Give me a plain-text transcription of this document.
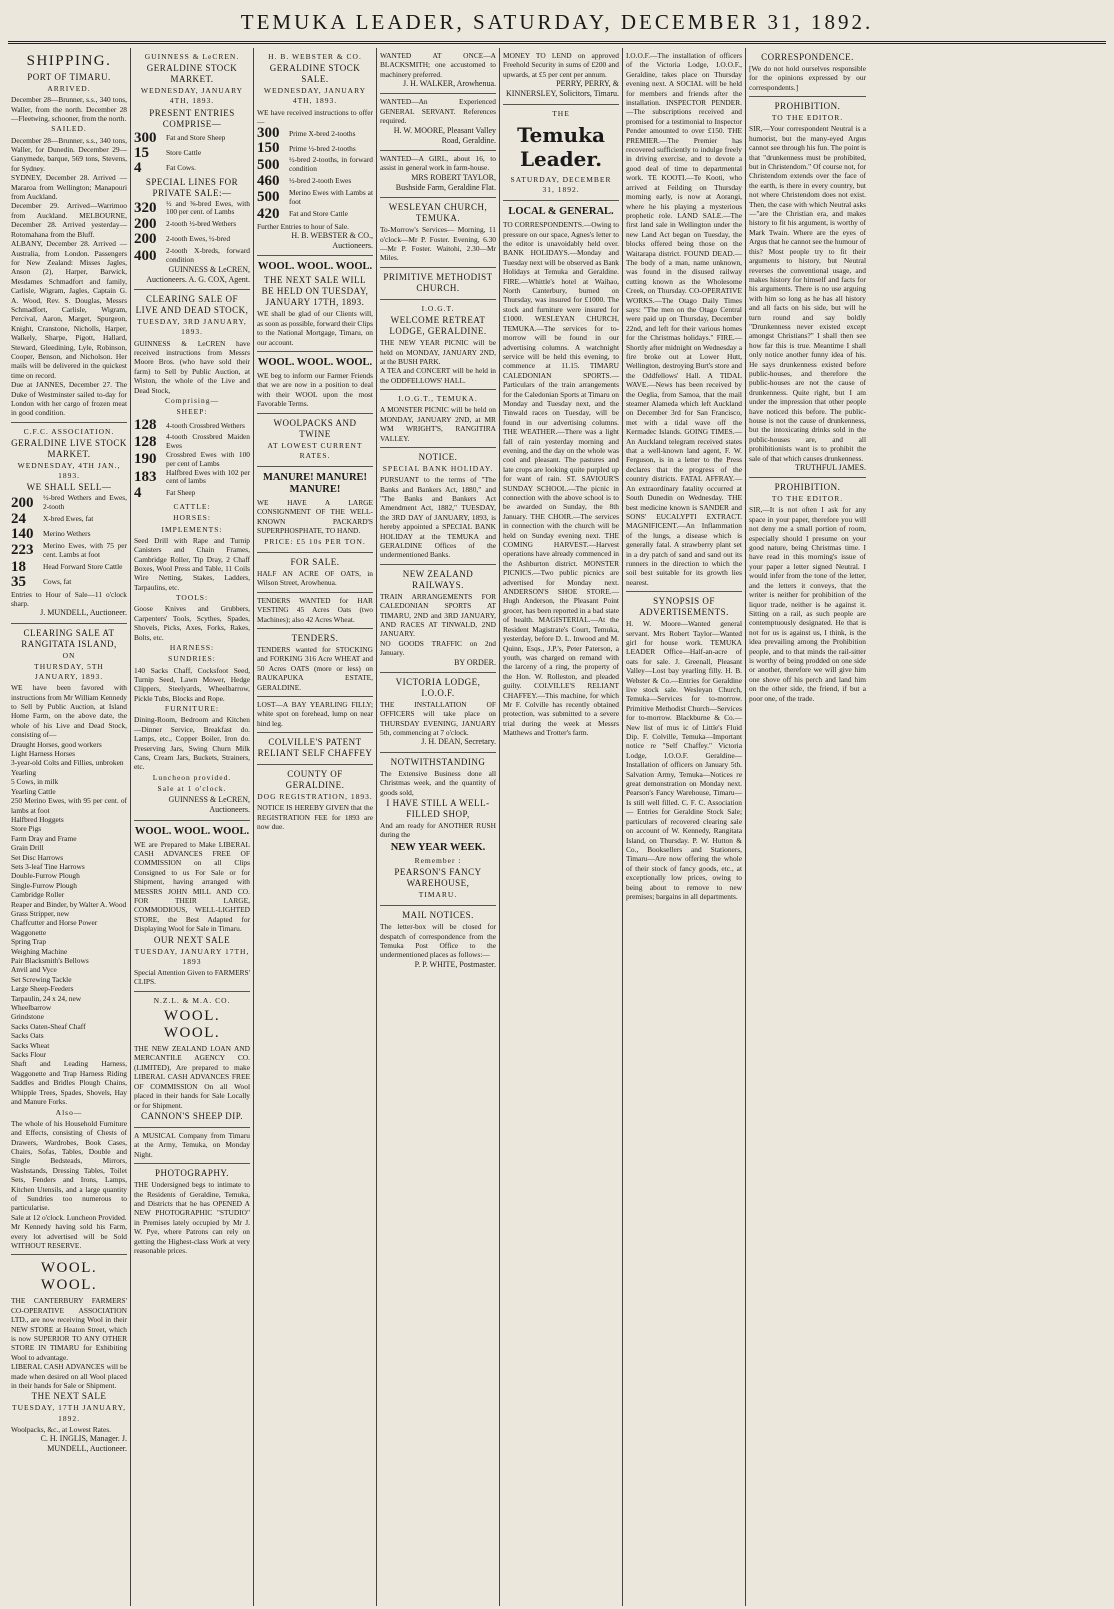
TEMUKA LEADER, SATURDAY, DECEMBER 31, 1892.
SHIPPING.
PORT OF TIMARU.
ARRIVED.

December 28—Brunner, s.s., 340 tons, Waller, from the north. December 28—Fleetwing, schooner, from the north.

SAILED.

December 28—Brunner, s.s., 340 tons, Waller, for Dunedin. December 29—Ganymede, barque, 569 tons, Stevens, for Sydney.

SYDNEY, December 28. Arrived — Mararoa from Wellington; Manapouri from Auckland.

December 29. Arrived—Warrimoo from Auckland. MELBOURNE, December 28. Arrived yesterday—Rotomahana from the Bluff.

ALBANY, December 28. Arrived — Australia, from London. Passengers for New Zealand: Misses Jagles, Anson (2), Harper, Barwick, Mesdames Schmadfort and family, Carlisle, Wigram, Jagles, Captain G. A. Wood, Rev. S. Douglas, Messrs Schmadfort, Carlisle, Wigram, Percival, Aaron, Marget, Spurgeon, Knight, Cranstone, Nicholls, Harper, Walkely, Sharpe, Pigott, Hallard, Steward, Gleedining, Lyle, Robinson, Cooper, Benson, and Nicholson. Her mails will be delivered in the quickest time on record.

Due at JANNES, December 27. The Duke of Westminster sailed to-day for London with her cargo of frozen meat in good condition.

C.F.C. ASSOCIATION.
GERALDINE LIVE STOCK MARKET.
WEDNESDAY, 4TH JAN., 1893.
WE SHALL SELL—
200	½-bred Wethers and Ewes, 2-tooth
24	X-bred Ewes, fat
140	Merino Wethers
223	Merino Ewes, with 75 per cent. Lambs at foot
18	Head Forward Store Cattle
35	Cows, fat

Entries to Hour of Sale—11 o'clock sharp.

J. MUNDELL, Auctioneer.
CLEARING SALE AT RANGITATA ISLAND,
ON
THURSDAY, 5TH JANUARY, 1893.

WE have been favored with instructions from Mr William Kennedy to Sell by Public Auction, at Island Home Farm, on the above date, the whole of his Live and Dead Stock, consisting of—

Draught Horses, good workers
Light Harness Horses
3-year-old Colts and Fillies, unbroken
Yearling
5 Cows, in milk
Yearling Cattle
250 Merino Ewes, with 95 per cent. of lambs at foot
Halfbred Hoggets
Store Pigs
Farm Dray and Frame
Grain Drill
Set Disc Harrows
Sets 3-leaf Tine Harrows
Double-Furrow Plough
Single-Furrow Plough
Cambridge Roller
Reaper and Binder, by Walter A. Wood
Grass Stripper, new
Chaffcutter and Horse Power
Waggonette
Spring Trap
Weighing Machine
Pair Blacksmith's Bellows
Anvil and Vyce
Set Screwing Tackle
Large Sheep-Feeders
Tarpaulin, 24 x 24, new
Wheelbarrow
Grindstone
Sacks Oaten-Sheaf Chaff
Sacks Oats
Sacks Wheat
Sacks Flour

Shaft and Leading Harness, Waggonette and Trap Harness Riding Saddles and Bridles Plough Chains, Whipple Trees, Spades, Shovels, Hay and Manure Forks.

Also—

The whole of his Household Furniture and Effects, consisting of Chests of Drawers, Wardrobes, Book Cases, Chairs, Sofas, Tables, Double and Single Bedsteads, Mirrors, Washstands, Dressing Tables, Toilet Sets, Fenders and Irons, Lamps, Kitchen Utensils, and a large quantity of Sundries too numerous to particularise.

Sale at 12 o'clock. Luncheon Provided.

Mr Kennedy having sold his Farm, every lot advertised will be Sold WITHOUT RESERVE.

WOOL. WOOL.

THE CANTERBURY FARMERS' CO-OPERATIVE ASSOCIATION LTD., are now receiving Wool in their NEW STORE at Heaton Street, which is now SUPERIOR TO ANY OTHER STORE IN TIMARU for Exhibiting Wool to advantage.

LIBERAL CASH ADVANCES will be made when desired on all Wool placed in their hands for Sale or Shipment.

THE NEXT SALE
TUESDAY, 17TH JANUARY, 1892.

Woolpacks, &c., at Lowest Rates.

C. H. INGLIS, Manager. J. MUNDELL, Auctioneer.
GUINNESS & LeCREN.
GERALDINE STOCK MARKET.
WEDNESDAY, JANUARY 4TH, 1893.
PRESENT ENTRIES COMPRISE—
300	Fat and Store Sheep
15	Store Cattle
4	Fat Cows.
SPECIAL LINES FOR PRIVATE SALE:—
320	½ and ⅝-bred Ewes, with 100 per cent. of Lambs
200	2-tooth ½-bred Wethers
200	2-tooth Ewes, ½-bred
400	2-tooth X-breds, forward condition
GUINNESS & LeCREN, Auctioneers. A. G. COX, Agent.
CLEARING SALE OF LIVE AND DEAD STOCK,
TUESDAY, 3RD JANUARY, 1893.

GUINNESS & LeCREN have received instructions from Messrs Moore Bros. (who have sold their farm) to Sell by Public Auction, at Wiston, the whole of the Live and Dead Stock,

Comprising—
SHEEP:
128	4-tooth Crossbred Wethers
128	4-tooth Crossbred Maiden Ewes
190	Crossbred Ewes with 100 per cent of Lambs
183	Halfbred Ewes with 102 per cent of lambs
4	Fat Sheep
CATTLE:
HORSES:
IMPLEMENTS:

Seed Drill with Rape and Turnip Canisters and Chain Frames, Cambridge Roller, Tip Dray, 2 Chaff Boxes, Wool Press and Table, 11 Coils Wire Netting, Stakes, Ladders, Tarpaulins, etc.

TOOLS:

Goose Knives and Grubbers, Carpenters' Tools, Scythes, Spades, Shovels, Picks, Axes, Forks, Rakes, Bolts, etc.

HARNESS:
SUNDRIES:

140 Sacks Chaff, Cocksfoot Seed, Turnip Seed, Lawn Mower, Hedge Clippers, Steelyards, Wheelbarrow, Pickle Tubs, Blocks and Rope.

FURNITURE:

Dining-Room, Bedroom and Kitchen—Dinner Service, Breakfast do. Lamps, etc., Copper Boiler, Iron do. Preserving Jars, Swing Churn Milk Cans, Cream Jars, Buckets, Strainers, etc.

Luncheon provided.
Sale at 1 o'clock.
GUINNESS & LeCREN, Auctioneers.
WOOL. WOOL. WOOL.

WE are Prepared to Make LIBERAL CASH ADVANCES FREE OF COMMISSION on all Clips Consigned to us For Sale or for Shipment, having arranged with MESSRS JOHN MILL AND CO. FOR THEIR LARGE, COMMODIOUS, WELL-LIGHTED STORE, the Best Adapted for Displaying Wool for Sale in Timaru.

OUR NEXT SALE
TUESDAY, JANUARY 17TH, 1893

Special Attention Given to FARMERS' CLIPS.

N.Z.L. & M.A. CO.
WOOL. WOOL.

THE NEW ZEALAND LOAN AND MERCANTILE AGENCY CO. (LIMITED), Are prepared to make LIBERAL CASH ADVANCES FREE OF COMMISSION On all Wool placed in their hands for Sale Locally or for Shipment.

CANNON'S SHEEP DIP.

A MUSICAL Company from Timaru at the Army, Temuka, on Monday Night.

PHOTOGRAPHY.

THE Undersigned begs to intimate to the Residents of Geraldine, Temuka, and Districts that he has OPENED A NEW PHOTOGRAPHIC "STUDIO" in Premises lately occupied by Mr J. W. Pye, where Patrons can rely on getting the Highest-class Work at very reasonable prices.

H. B. WEBSTER & CO.
GERALDINE STOCK SALE.
WEDNESDAY, JANUARY 4TH, 1893.

WE have received instructions to offer—

300	Prime X-bred 2-tooths
150	Prime ½-bred 2-tooths
500	½-bred 2-tooths, in forward condition
460	½-bred 2-tooth Ewes
500	Merino Ewes with Lambs at foot
420	Fat and Store Cattle

Further Entries to hour of Sale.

H. B. WEBSTER & CO., Auctioneers.
WOOL. WOOL. WOOL.
THE NEXT SALE WILL BE HELD ON TUESDAY, JANUARY 17TH, 1893.

WE shall be glad of our Clients will, as soon as possible, forward their Clips to the National Mortgage, Timaru, on our account.

WOOL. WOOL. WOOL.

WE beg to inform our Farmer Friends that we are now in a position to deal with their WOOL upon the most Favorable Terms.

WOOLPACKS AND TWINE
AT LOWEST CURRENT RATES.
MANURE! MANURE! MANURE!

WE HAVE A LARGE CONSIGNMENT OF THE WELL-KNOWN PACKARD'S SUPERPHOSPHATE, TO HAND.

PRICE: £5 10s PER TON.
FOR SALE.

HALF AN ACRE OF OATS, in Wilson Street, Arowhenua.

TENDERS WANTED for HAR VESTING 45 Acres Oats (two Machines); also 42 Acres Wheat.

TENDERS.

TENDERS wanted for STOCKING and FORKING 316 Acre WHEAT and 50 Acres OATS (more or less) on RAUKAPUKA ESTATE, GERALDINE.

LOST—A BAY YEARLING FILLY; white spot on forehead, lump on near hind leg.

COLVILLE'S PATENT RELIANT SELF CHAFFEY
COUNTY OF GERALDINE.
DOG REGISTRATION, 1893.

NOTICE IS HEREBY GIVEN that the REGISTRATION FEE for 1893 are now due.

WANTED AT ONCE—A BLACKSMITH; one accustomed to machinery preferred.

J. H. WALKER, Arowhenua.

WANTED—An Experienced GENERAL SERVANT. References required.

H. W. MOORE, Pleasant Valley Road, Geraldine.

WANTED—A GIRL, about 16, to assist in general work in farm-house.

MRS ROBERT TAYLOR, Bushside Farm, Geraldine Flat.
WESLEYAN CHURCH, TEMUKA.

To-Morrow's Services— Morning, 11 o'clock—Mr P. Foster. Evening, 6.30—Mr P. Foster. Waitohi, 2.30—Mr Miles.

PRIMITIVE METHODIST CHURCH.
I.O.G.T.
WELCOME RETREAT LODGE, GERALDINE.

THE NEW YEAR PICNIC will be held on MONDAY, JANUARY 2ND, at the BUSH PARK.

A TEA and CONCERT will be held in the ODDFELLOWS' HALL.

I.O.G.T., TEMUKA.

A MONSTER PICNIC will be held on MONDAY, JANUARY 2ND, at MR WM WRIGHT'S, RANGITIRA VALLEY.

NOTICE.
SPECIAL BANK HOLIDAY.

PURSUANT to the terms of "The Banks and Bankers Act, 1880," and "The Banks and Bankers Act Amendment Act, 1882," TUESDAY, the 3RD DAY of JANUARY, 1893, is hereby appointed a SPECIAL BANK HOLIDAY at the TEMUKA and GERALDINE Offices of the undermentioned Banks.

NEW ZEALAND RAILWAYS.

TRAIN ARRANGEMENTS FOR CALEDONIAN SPORTS AT TIMARU, 2ND and 3RD JANUARY, AND RACES AT TINWALD, 2ND JANUARY.

NO GOODS TRAFFIC on 2nd January.

BY ORDER.
VICTORIA LODGE, I.O.O.F.

THE INSTALLATION OF OFFICERS will take place on THURSDAY EVENING, JANUARY 5th, commencing at 7 o'clock.

J. H. DEAN, Secretary.
NOTWITHSTANDING

The Extensive Business done all Christmas week, and the quantity of goods sold,

I HAVE STILL A WELL-FILLED SHOP,

And am ready for ANOTHER RUSH during the

NEW YEAR WEEK.
Remember :
PEARSON'S FANCY WAREHOUSE,
TIMARU.
MAIL NOTICES.

The letter-box will be closed for despatch of correspondence from the Temuka Post Office to the undermentioned places as follows:—

P. P. WHITE, Postmaster.

MONEY TO LEND on approved Freehold Security in sums of £200 and upwards, at £5 per cent per annum.

PERRY, PERRY, & KINNERSLEY, Solicitors, Timaru.
THE
Temuka Leader.
SATURDAY, DECEMBER 31, 1892.
LOCAL & GENERAL.

TO CORRESPONDENTS.—Owing to pressure on our space, Agnes's letter to the editor is unavoidably held over. BANK HOLIDAYS.—Monday and Tuesday next will be observed as Bank Holidays at Temuka and Geraldine. FIRE.—Whittle's hotel at Waihao, North Canterbury, burned on Thursday, was insured for £1000. The stock and furniture were insured for £1000. WESLEYAN CHURCH, TEMUKA.—The services for to-morrow will be found in our advertising columns. A watchnight service will be held this evening, to commence at 11.15. TIMARU CALEDONIAN SPORTS.—Particulars of the train arrangements for the Caledonian Sports at Timaru on Monday and Tuesday next, and the Tinwald races on Tuesday, will be found in our advertising columns. THE WEATHER.—There was a light fall of rain yesterday morning and evening, and the day on the whole was cool and pleasant. The pastures and late crops are looking quite purpled up for want of rain. ST. SAVIOUR'S SUNDAY SCHOOL.—The picnic in connection with the above school is to be awarded on Sunday, the 8th January. THE CHOIR.—The services in connection with the church will be held on Sunday evening next. THE COMING HARVEST.—Harvest operations have already commenced in the Ashburton district. MONSTER PICNICS.—Two public picnics are advertised for Monday next. ANDERSON'S SHOE STORE.—Hugh Anderson, the Pleasant Point grocer, has been reported in a bad state of health. MAGISTERIAL.—At the Resident Magistrate's Court, Temuka, yesterday, before D. L. Inwood and M. Quinn, Esqs., J.P.'s, Peter Paterson, a youth, was charged on remand with the larceny of a ring, the property of the Hon. W. Rolleston, and pleaded guilty. COLVILLE'S RELIANT CHAFFEY.—This machine, for which Mr F. Colville has recently obtained protection, was submitted to a severe trial during the week at Messrs Matthews and Trotter's farm.

I.O.O.F.—The installation of officers of the Victoria Lodge, I.O.O.F., Geraldine, takes place on Thursday evening next. A SOCIAL will be held for members and friends after the installation. INSPECTOR PENDER.—The subscriptions received and promised for a testimonial to Inspector Pender amounted to over £150. THE PREMIER.—The Premier has recovered sufficiently to indulge freely in driving exercise, and to devote a good deal of time to departmental work. TE KOOTI.—Te Kooti, who arrived at Feilding on Thursday morning early, is now at Aorangi, where he his playing a mysterious prophetic role. LAND SALE.—The first land sale in Wellington under the new Land Act began on Tuesday, the blocks offered being those on the Waitarapa district. FOUND DEAD.—The body of a man, name unknown, was found in the disused railway cutting known as the Wholesome Creek, on Thursday. CO-OPERATIVE WORKS.—The Otago Daily Times says: "The men on the Otago Central were paid up on Thursday, December 22nd, and left for their various homes for the Christmas holidays." FIRE.—Shortly after midnight on Wednesday a fire broke out at Lower Hutt, Wellington, destroying Burt's store and the Oddfellows' Hall. A TIDAL WAVE.—News has been received by the Oeglia, from Samoa, that the mail steamer Alameda which left Auckland on December 3rd for San Francisco, met with a tidal wave off the Kermadec Islands. GOING TIMES.—An Auckland telegram received states that a well-known land agent, F. W. Ferguson, is in a letter to the Press declares that the progress of the country districts. FATAL AFFRAY.—An extraordinary fatality occurred at South Dunedin on Wednesday. THE best medicine known is SANDER and SONS' EUCALYPTI EXTRACT. MAGNIFICENT.—An Inflammation of the lungs, a disease which is generally fatal. A strawberry plant set in a dry patch of sand and sand out its runners in the direction to which the soil best suitable for its growth lies nearest.

SYNOPSIS OF ADVERTISEMENTS.

H. W. Moore—Wanted general servant. Mrs Robert Taylor—Wanted girl for house work. TEMUKA LEADER Office—Half-an-acre of oats for sale. J. Greenall, Pleasant Valley—Lost bay yearling filly. H. B. Webster & Co.—Entries for Geraldine live stock sale. Wesleyan Church, Temuka—Services for to-morrow. Primitive Methodist Church—Services for to-morrow. Blackburne & Co.—New list of mus ic of Little's Fluid Dip. F. Colville, Temuka—Important notice re "Self Chaffey." Victoria Lodge, I.O.O.F. Geraldine—Installation of officers on January 5th. Salvation Army, Temuka—Notices re great demonstration on Monday next. Pearson's Fancy Warehouse, Timaru—Is still well filled. C. F. C. Association — Entries for Geraldine Stock Sale; particulars of recovered clearing sale on account of W. Kennedy, Rangitata Island, on Thursday. P. W. Hutton & Co., Booksellers and Stationers, Timaru—Are now offering the whole of their stock of fancy goods, etc., at exceptionally low prices, owing to being about to remove to new premises; bargains in all departments.

CORRESPONDENCE.

[We do not hold ourselves responsible for the opinions expressed by our correspondents.]

PROHIBITION.
TO THE EDITOR.

SIR,—Your correspondent Neutral is a humorist, but the many-eyed Argus cannot see through his fun. The point is that "drunkenness must be prohibited, but in Christendom." Of course not, for Christendom extends over the face of the earth, is there in every country, but not where Christendom does not exist. Then, the case with which Neutral asks—"are the Christian era, and makes history to fit his argument, is worthy of Mark Twain. Where are the eyes of Argus that he cannot see the humour of this? Most people try to fit their arguments to history, but Neutral reverses the conventional usage, and makes history for himself and facts for his arguments. There is no use arguing with him so long as he has all history and all facts on his side, but will he turn round and say boldly "Drunkenness never existed except amongst Christians?" I shall then see how far this is true. Meantime I shall only notice another funny idea of his. He says drunkenness existed before public-houses, and therefore the public-houses are not the cause of drunkenness. Quite right, but I am under the impression that other people have noticed this before. The public-house is not the cause of drunkenness, but the intoxicating drinks sold in the public-houses are, and all prohibitionists want is to prohibit the sale of that which causes drunkenness.

TRUTHFUL JAMES.
PROHIBITION.
TO THE EDITOR.

SIR,—It is not often I ask for any space in your paper, therefore you will not deny me a small portion of room, especially should I presume on your good nature, being Christmas time. I have read in this morning's issue of your paper a letter signed Neutral. I would infer from the tone of the letter, and the letters it conveys, that the writer is neither for prohibition of the liquor trade, neither is he against it. Sitting on a rail, as such people are contemptuously designated. He that is not for us is against us, I think, is the idea prevailing among the Prohibition people, and to that minds the rail-sitter is worthy of being prodded on one side or another, therefore we will give him one shove off his perch and land him on the other side, the friend, if but a poor one, of the trade.
